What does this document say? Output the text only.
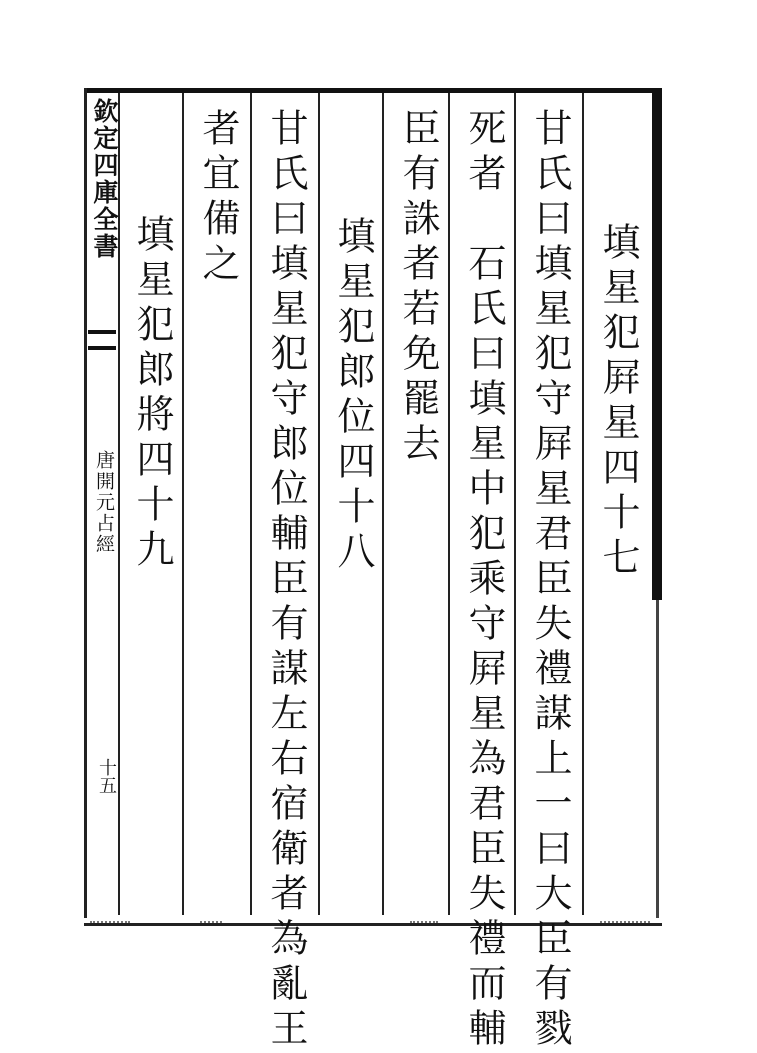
欽定四庫全書
唐開元占經
十五
填星犯屛星四十七
甘氏曰填星犯守屛星君臣失禮謀上一曰大臣有戮
死者　石氏曰填星中犯乘守屛星為君臣失禮而輔
臣有誅者若免罷去
填星犯郎位四十八
甘氏曰填星犯守郎位輔臣有謀左右宿衛者為亂王
者宜備之
填星犯郎將四十九
